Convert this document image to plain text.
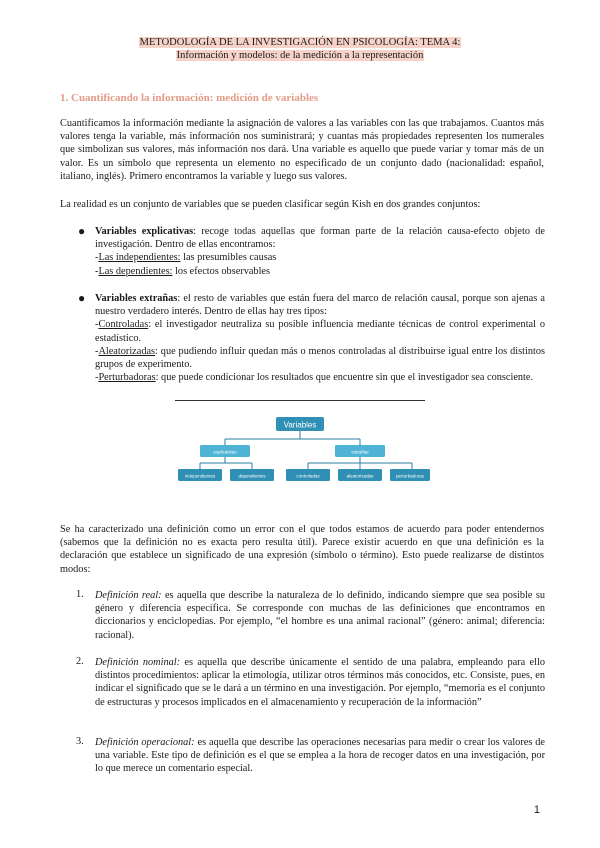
METODOLOGÍA DE LA INVESTIGACIÓN EN PSICOLOGÍA: TEMA 4:
Información y modelos: de la medición a la representación
1. Cuantificando la información: medición de variables
Cuantificamos la información mediante la asignación de valores a las variables con las que trabajamos. Cuantos más valores tenga la variable, más información nos suministrará; y cuantas más propiedades representen los numerales que simbolizan sus valores, más información nos dará. Una variable es aquello que puede variar y tomar más de un valor. Es un símbolo que representa un elemento no especificado de un conjunto dado (nacionalidad: español, italiano, inglés). Primero encontramos la variable y luego sus valores.
La realidad es un conjunto de variables que se pueden clasificar según Kish en dos grandes conjuntos:
● Variables explicativas: recoge todas aquellas que forman parte de la relación causa-efecto objeto de investigación. Dentro de ellas encontramos:
-Las independientes: las presumibles causas
-Las dependientes: los efectos observables
● Variables extrañas: el resto de variables que están fuera del marco de relación causal, porque son ajenas a nuestro verdadero interés. Dentro de ellas hay tres tipos:
-Controladas: el investigador neutraliza su posible influencia mediante técnicas de control experimental o estadístico.
-Aleatorizadas: que pudiendo influir quedan más o menos controladas al distribuirse igual entre los distintos grupos de experimento.
-Perturbadoras: que puede condicionar los resultados que encuentre sin que el investigador sea consciente.
Variables
explicativas	extrañas
independientes	dependientes	controladas	aleatorizadas	perturbadoras
Se ha caracterizado una definición como un error con el que todos estamos de acuerdo para poder entendernos (sabemos que la definición no es exacta pero resulta útil). Parece existir acuerdo en que una definición es la declaración que establece un significado de una expresión (símbolo o término). Esto puede realizarse de distintos modos:
1. Definición real: es aquella que describe la naturaleza de lo definido, indicando siempre que sea posible su género y diferencia específica. Se corresponde con muchas de las definiciones que encontramos en diccionarios y enciclopedias. Por ejemplo, “el hombre es una animal racional” (género: animal; diferencia: racional).
2. Definición nominal: es aquella que describe únicamente el sentido de una palabra, empleando para ello distintos procedimientos: aplicar la etimología, utilizar otros términos más conocidos, etc. Consiste, pues, en indicar el significado que se le dará a un término en una investigación. Por ejemplo, “memoria es el conjunto de estructuras y procesos implicados en el almacenamiento y recuperación de la información”
3. Definición operacional: es aquella que describe las operaciones necesarias para medir o crear los valores de una variable. Este tipo de definición es el que se emplea a la hora de recoger datos en una investigación, por lo que merece un comentario especial.
1
